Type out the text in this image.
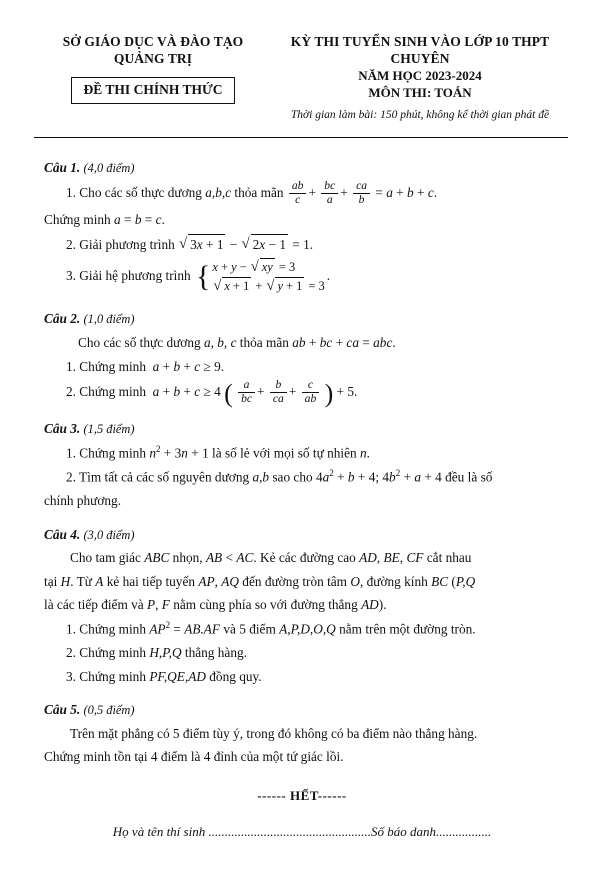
SỞ GIÁO DỤC VÀ ĐÀO TẠO
QUẢNG TRỊ
ĐỀ THI CHÍNH THỨC
KỲ THI TUYỂN SINH VÀO LỚP 10 THPT CHUYÊN
NĂM HỌC 2023-2024
MÔN THI: TOÁN
Thời gian làm bài: 150 phút, không kể thời gian phát đề
Câu 1. (4,0 điểm)
1. Cho các số thực dương a,b,c thỏa mãn $\frac{ab}{c} + \frac{bc}{a} + \frac{ca}{b} = a + b + c$.
Chứng minh a = b = c.
2. Giải phương trình √ 3x + 1 − √ 2x − 1 = 1.
3. Giải hệ phương trình { x + y − √ xy = 3
√ x + 1 + √ y + 1 = 3
.
Câu 2. (1,0 điểm)
Cho các số thực dương a, b, c thỏa mãn ab + bc + ca = abc.
1. Chứng minh  a + b + c ≥ 9.
2. Chứng minh  a + b + c ≥ 4 ( $\frac{a}{bc} + \frac{b}{ca} + \frac{c}{ab}$ ) + 5.
Câu 3. (1,5 điểm)
1. Chứng minh $n^2 + 3n + 1$ là số lẻ với mọi số tự nhiên n.
2. Tìm tất cả các số nguyên dương a,b sao cho $4a^2 + b + 4$; $4b^2 + a + 4$ đều là số
chính phương.
Câu 4. (3,0 điểm)
Cho tam giác ABC nhọn, AB < AC. Kẻ các đường cao AD, BE, CF cắt nhau
tại H. Từ A kẻ hai tiếp tuyến AP, AQ đến đường tròn tâm O, đường kính BC (P,Q
là các tiếp điểm và P, F nằm cùng phía so với đường thẳng AD).
1. Chứng minh $AP^2 = AB.AF$ và 5 điểm A,P,D,O,Q nằm trên một đường tròn.
2. Chứng minh H,P,Q thẳng hàng.
3. Chứng minh PF,QE,AD đồng quy.
Câu 5. (0,5 điểm)
Trên mặt phẳng có 5 điểm tùy ý, trong đó không có ba điểm nào thẳng hàng.
Chứng minh tồn tại 4 điểm là 4 đỉnh của một tứ giác lồi.
------ HẾT------
Họ và tên thí sinh ..................................................Số báo danh.................
